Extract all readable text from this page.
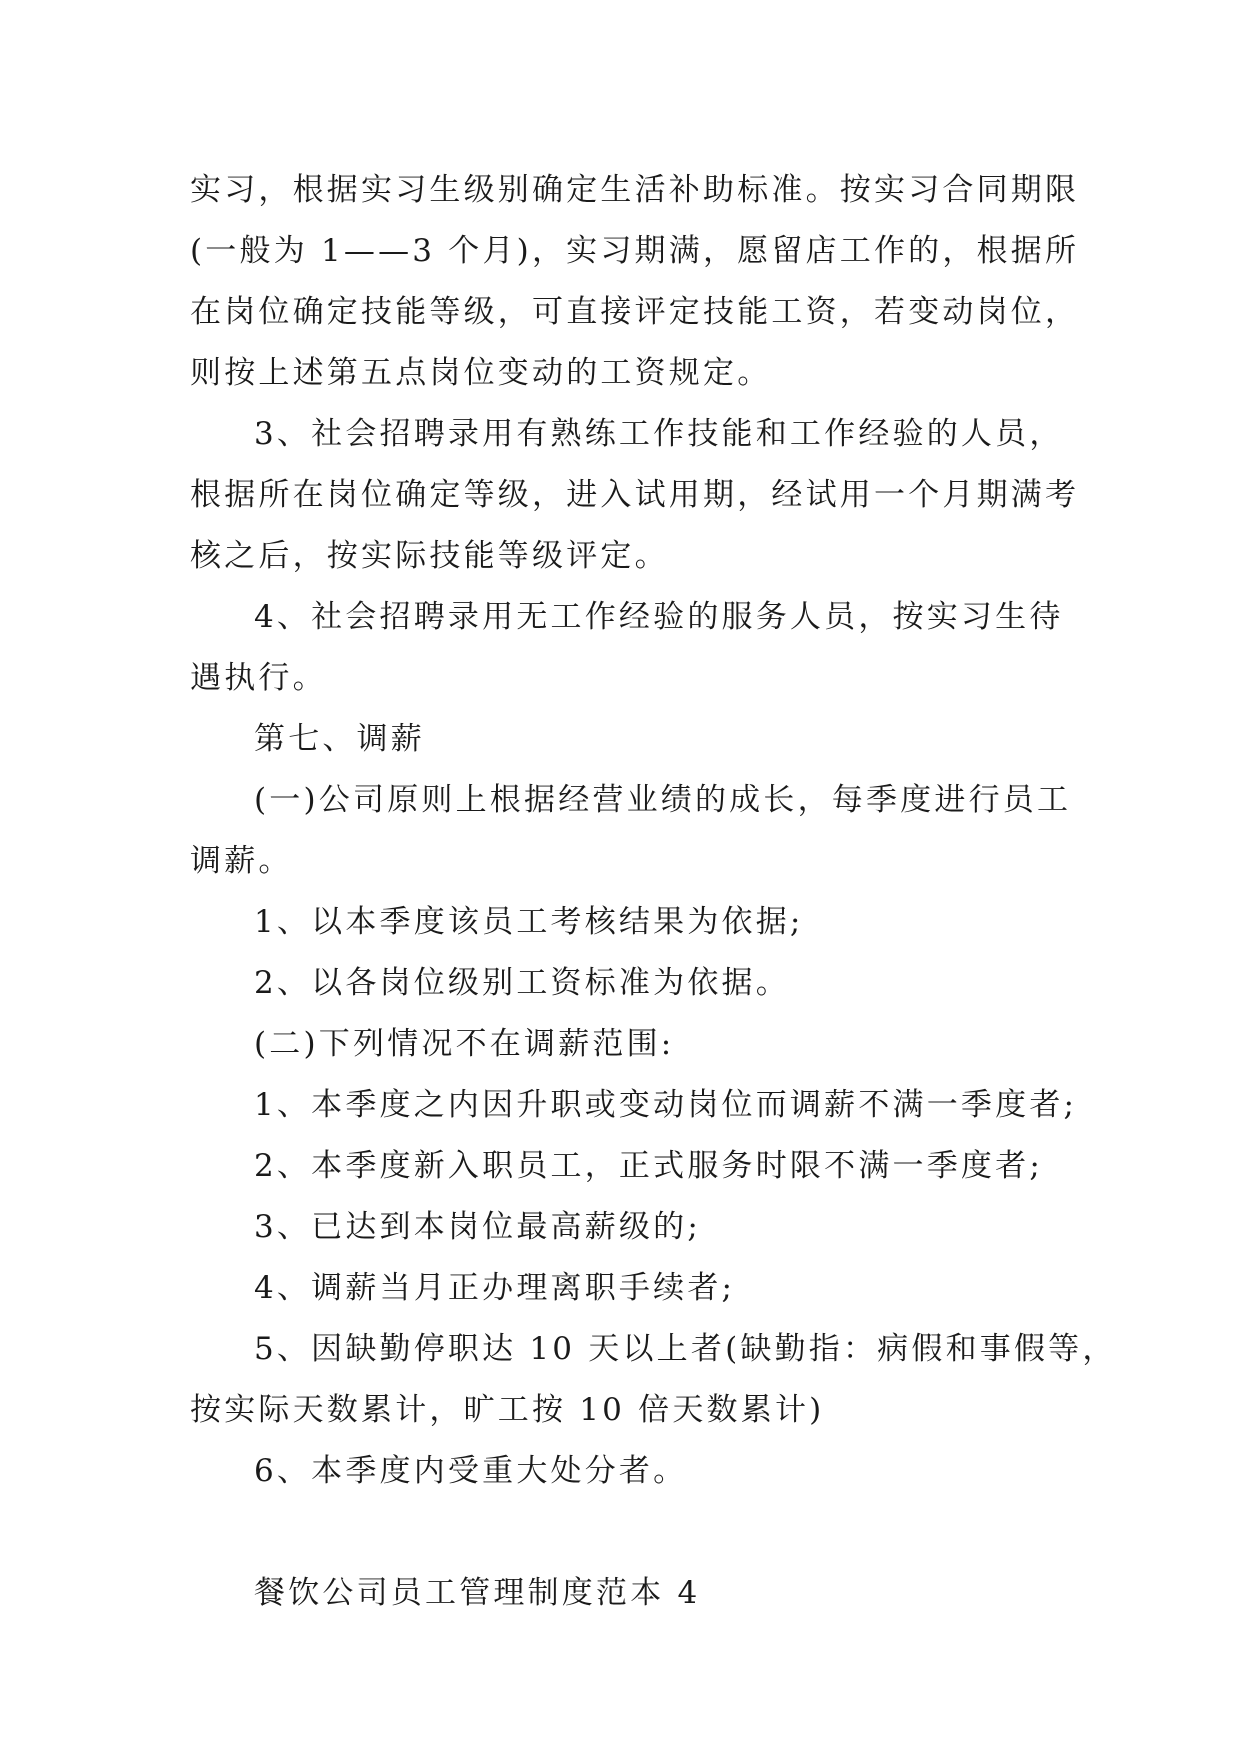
实习，根据实习生级别确定生活补助标准。按实习合同期限
(一般为 1——3 个月)，实习期满，愿留店工作的，根据所
在岗位确定技能等级，可直接评定技能工资，若变动岗位，
则按上述第五点岗位变动的工资规定。
3、社会招聘录用有熟练工作技能和工作经验的人员，
根据所在岗位确定等级，进入试用期，经试用一个月期满考
核之后，按实际技能等级评定。
4、社会招聘录用无工作经验的服务人员，按实习生待
遇执行。
第七、调薪
(一)公司原则上根据经营业绩的成长，每季度进行员工
调薪。
1、以本季度该员工考核结果为依据;
2、以各岗位级别工资标准为依据。
(二)下列情况不在调薪范围:
1、本季度之内因升职或变动岗位而调薪不满一季度者;
2、本季度新入职员工，正式服务时限不满一季度者;
3、已达到本岗位最高薪级的;
4、调薪当月正办理离职手续者;
5、因缺勤停职达 10 天以上者(缺勤指：病假和事假等，
按实际天数累计，旷工按 10 倍天数累计)
6、本季度内受重大处分者。
餐饮公司员工管理制度范本 4
